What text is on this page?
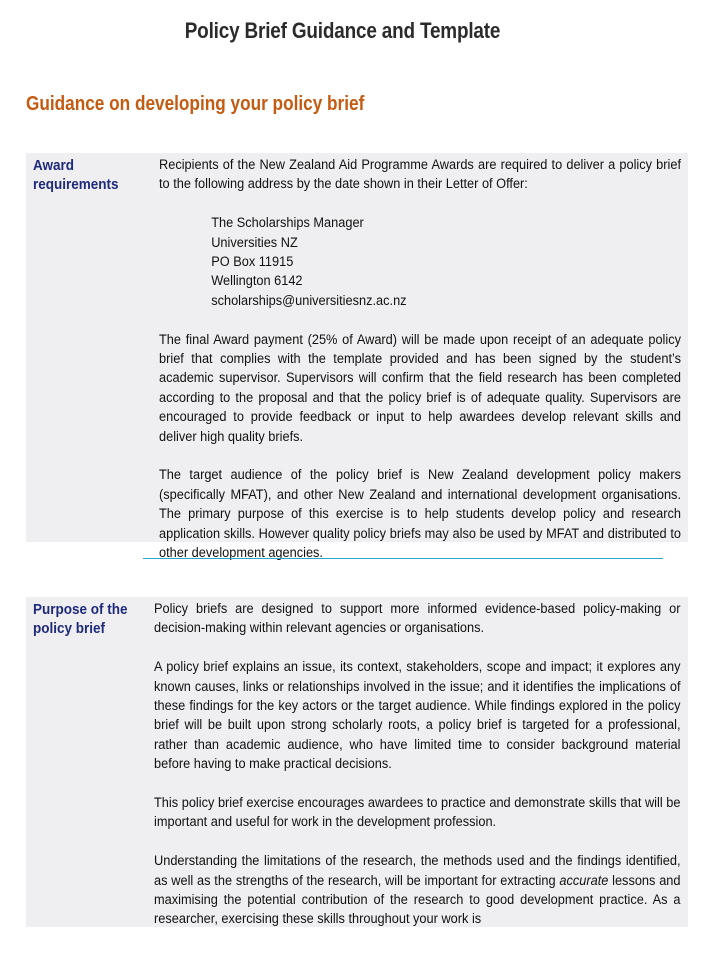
Policy Brief Guidance and Template
Guidance on developing your policy brief
Award requirements

Recipients of the New Zealand Aid Programme Awards are required to deliver a policy brief to the following address by the date shown in their Letter of Offer:

The Scholarships Manager
Universities NZ
PO Box 11915
Wellington 6142
scholarships@universitiesnz.ac.nz

The final Award payment (25% of Award) will be made upon receipt of an adequate policy brief that complies with the template provided and has been signed by the student’s academic supervisor. Supervisors will confirm that the field research has been completed according to the proposal and that the policy brief is of adequate quality. Supervisors are encouraged to provide feedback or input to help awardees develop relevant skills and deliver high quality briefs.

The target audience of the policy brief is New Zealand development policy makers (specifically MFAT), and other New Zealand and international development organisations. The primary purpose of this exercise is to help students develop policy and research application skills. However quality policy briefs may also be used by MFAT and distributed to other development agencies.

Purpose of the policy brief

Policy briefs are designed to support more informed evidence-based policy-making or decision-making within relevant agencies or organisations.

A policy brief explains an issue, its context, stakeholders, scope and impact; it explores any known causes, links or relationships involved in the issue; and it identifies the implications of these findings for the key actors or the target audience. While findings explored in the policy brief will be built upon strong scholarly roots, a policy brief is targeted for a professional, rather than academic audience, who have limited time to consider background material before having to make practical decisions.

This policy brief exercise encourages awardees to practice and demonstrate skills that will be important and useful for work in the development profession.

Understanding the limitations of the research, the methods used and the findings identified, as well as the strengths of the research, will be important for extracting accurate lessons and maximising the potential contribution of the research to good development practice. As a researcher, exercising these skills throughout your work is
